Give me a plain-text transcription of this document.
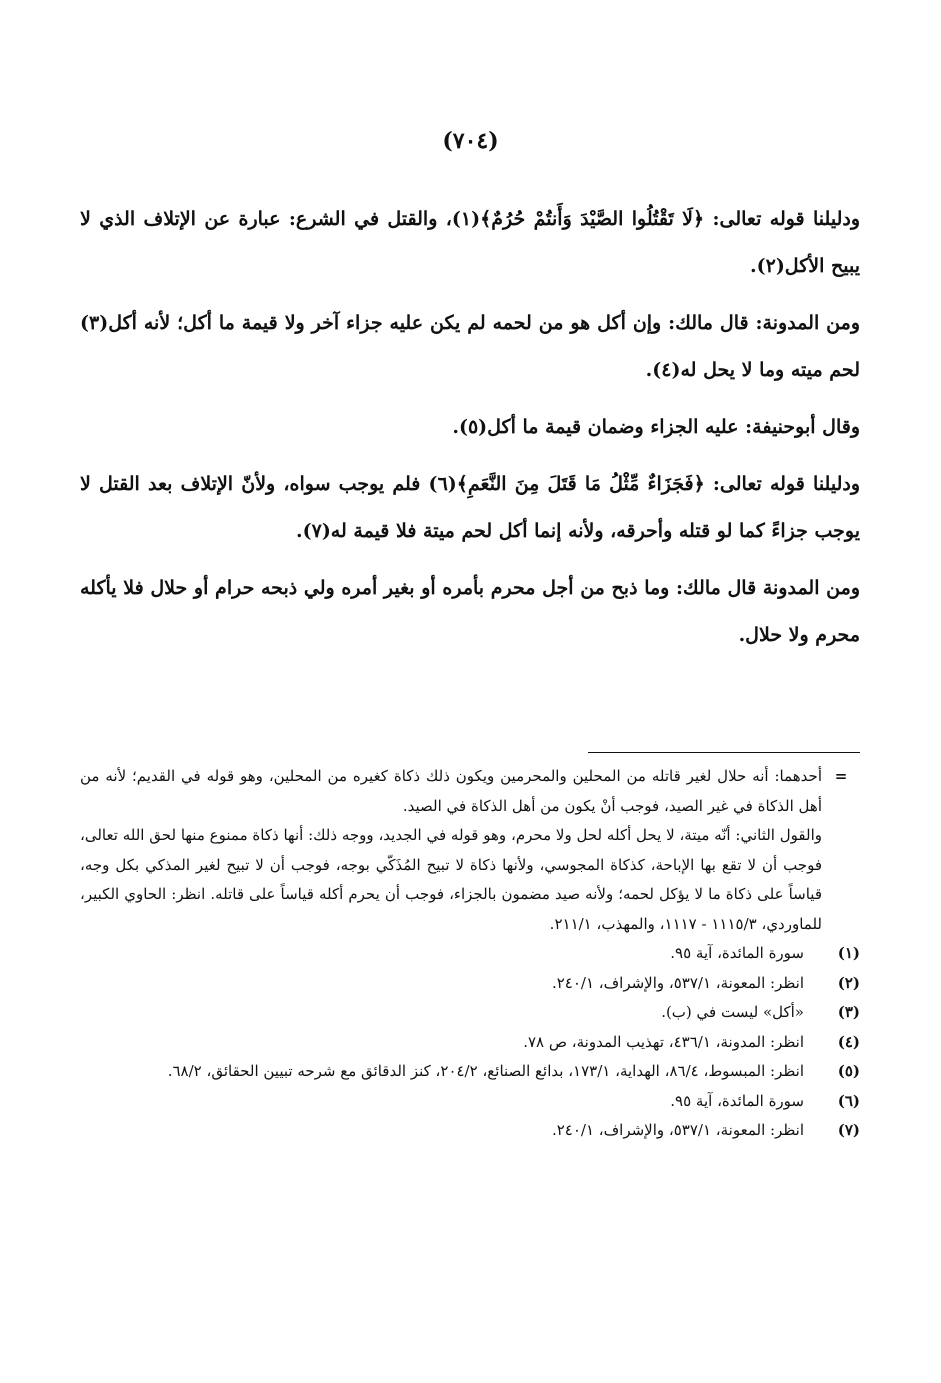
(٧٠٤)

ودليلنا قوله تعالى: ﴿لَا تَقْتُلُوا الصَّيْدَ وَأَنتُمْ حُرُمٌ﴾(١)، والقتل في الشرع: عبارة عن الإتلاف الذي لا يبيح الأكل(٢).

ومن المدونة: قال مالك: وإن أكل هو من لحمه لم يكن عليه جزاء آخر ولا قيمة ما أكل؛ لأنه أكل(٣) لحم ميته وما لا يحل له(٤).

وقال أبوحنيفة: عليه الجزاء وضمان قيمة ما أكل(٥).

ودليلنا قوله تعالى: ﴿فَجَزَاءٌ مِّثْلُ مَا قَتَلَ مِنَ النَّعَمِ﴾(٦) فلم يوجب سواه، ولأنّ الإتلاف بعد القتل لا يوجب جزاءً كما لو قتله وأحرقه، ولأنه إنما أكل لحم ميتة فلا قيمة له(٧).

ومن المدونة قال مالك: وما ذبح من أجل محرم بأمره أو بغير أمره ولي ذبحه حرام أو حلال فلا يأكله محرم ولا حلال.

=

أحدهما: أنه حلال لغير قاتله من المحلين والمحرمين ويكون ذلك ذكاة كغيره من المحلين، وهو قوله في القديم؛ لأنه من أهل الذكاة في غير الصيد، فوجب أنْ يكون من أهل الذكاة في الصيد.

والقول الثاني: أنّه ميتة، لا يحل أكله لحل ولا محرم، وهو قوله في الجديد، ووجه ذلك: أنها ذكاة ممنوع منها لحق الله تعالى، فوجب أن لا تقع بها الإباحة، كذكاة المجوسي، ولأنها ذكاة لا تبيح المُذَكّي بوجه، فوجب أن لا تبيح لغير المذكي بكل وجه، قياساً على ذكاة ما لا يؤكل لحمه؛ ولأنه صيد مضمون بالجزاء، فوجب أن يحرم أكله قياساً على قاتله. انظر: الحاوي الكبير، للماوردي، ١١١٥/٣ - ١١١٧، والمهذب، ٢١١/١.

(١)
سورة المائدة، آية ٩٥.
(٢)
انظر: المعونة، ٥٣٧/١، والإشراف، ٢٤٠/١.
(٣)
«أكل» ليست في (ب).
(٤)
انظر: المدونة، ٤٣٦/١، تهذيب المدونة، ص ٧٨.
(٥)
انظر: المبسوط، ٨٦/٤، الهداية، ١٧٣/١، بدائع الصنائع، ٢٠٤/٢، كنز الدقائق مع شرحه تبيين الحقائق، ٦٨/٢.
(٦)
سورة المائدة، آية ٩٥.
(٧)
انظر: المعونة، ٥٣٧/١، والإشراف، ٢٤٠/١.
